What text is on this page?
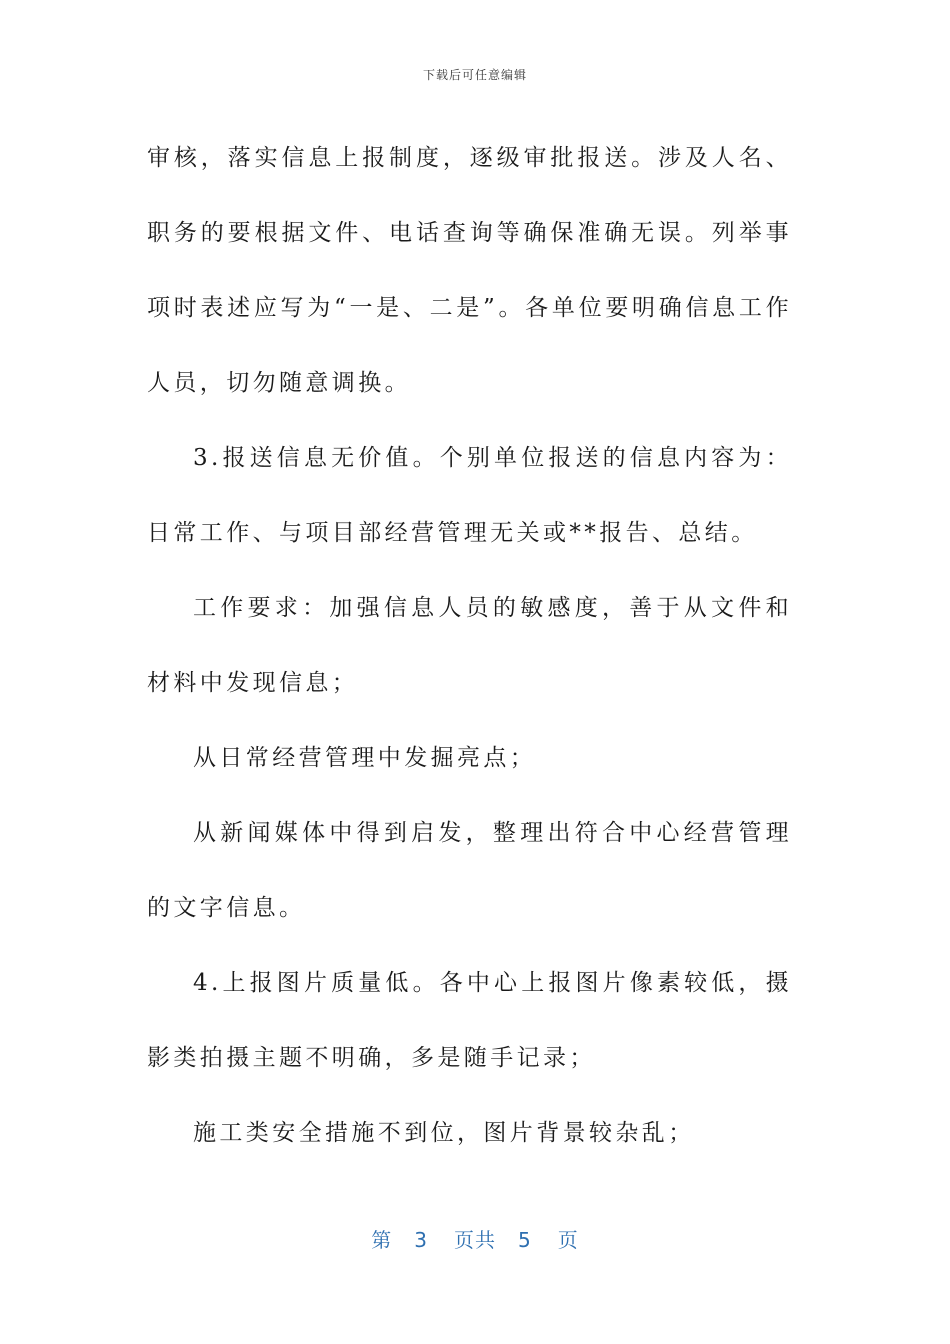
下载后可任意编辑

审核，落实信息上报制度，逐级审批报送。涉及人名、职务的要根据文件、电话查询等确保准确无误。列举事项时表述应写为“一是、二是”。各单位要明确信息工作人员，切勿随意调换。

3.报送信息无价值。个别单位报送的信息内容为：日常工作、与项目部经营管理无关或**报告、总结。

工作要求：加强信息人员的敏感度，善于从文件和材料中发现信息；

从日常经营管理中发掘亮点；

从新闻媒体中得到启发，整理出符合中心经营管理的文字信息。

4.上报图片质量低。各中心上报图片像素较低，摄影类拍摄主题不明确，多是随手记录；

施工类安全措施不到位，图片背景较杂乱；

第 3 页共 5 页
